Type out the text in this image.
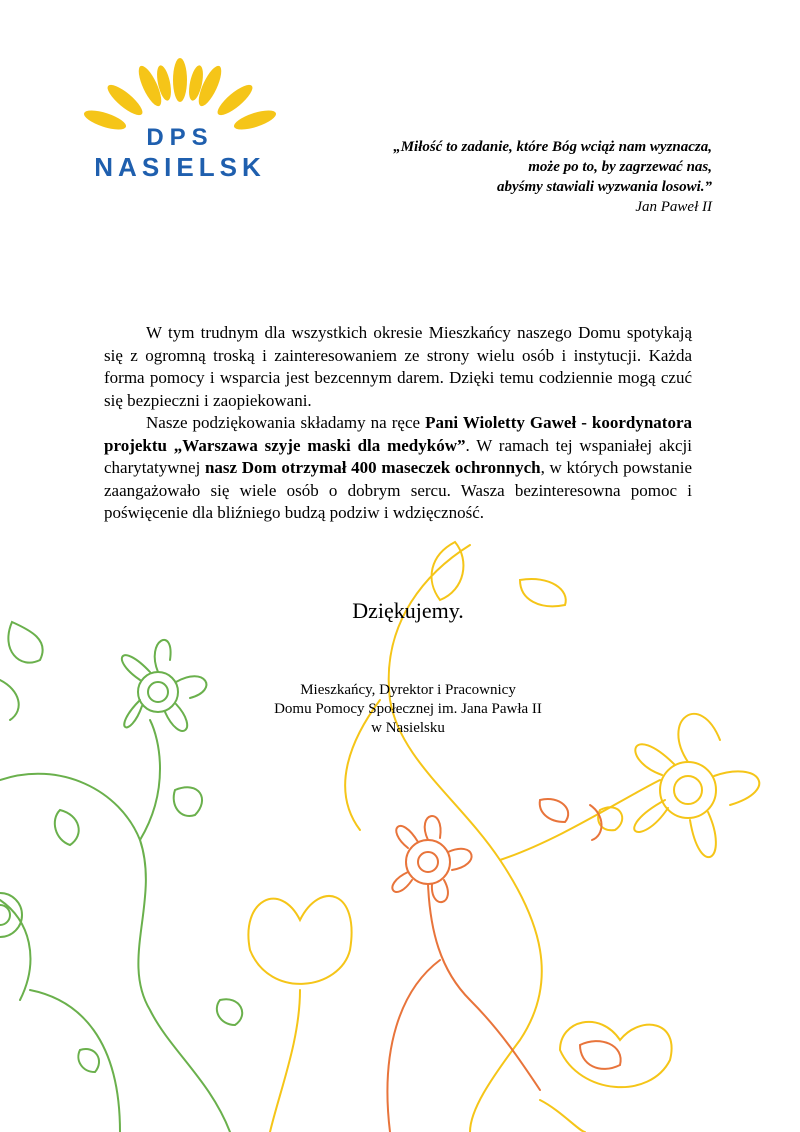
DPS
NASIELSK
„Miłość to zadanie, które Bóg wciąż nam wyznacza,
może po to, by zagrzewać nas,
abyśmy stawiali wyzwania losowi.”
Jan Paweł II

W tym trudnym dla wszystkich okresie Mieszkańcy naszego Domu spotykają się z ogromną troską i zainteresowaniem ze strony wielu osób i instytucji. Każda forma pomocy i wsparcia jest bezcennym darem. Dzięki temu codziennie mogą czuć się bezpieczni i zaopiekowani.

Nasze podziękowania składamy na ręce Pani Wioletty Gaweł - koordynatora projektu „Warszawa szyje maski dla medyków”. W ramach tej wspaniałej akcji charytatywnej nasz Dom otrzymał 400 maseczek ochronnych, w których powstanie zaangażowało się wiele osób o dobrym sercu. Wasza bezinteresowna pomoc i poświęcenie dla bliźniego budzą podziw i wdzięczność.

Dziękujemy.
Mieszkańcy, Dyrektor i Pracownicy
Domu Pomocy Społecznej im. Jana Pawła II
w Nasielsku
